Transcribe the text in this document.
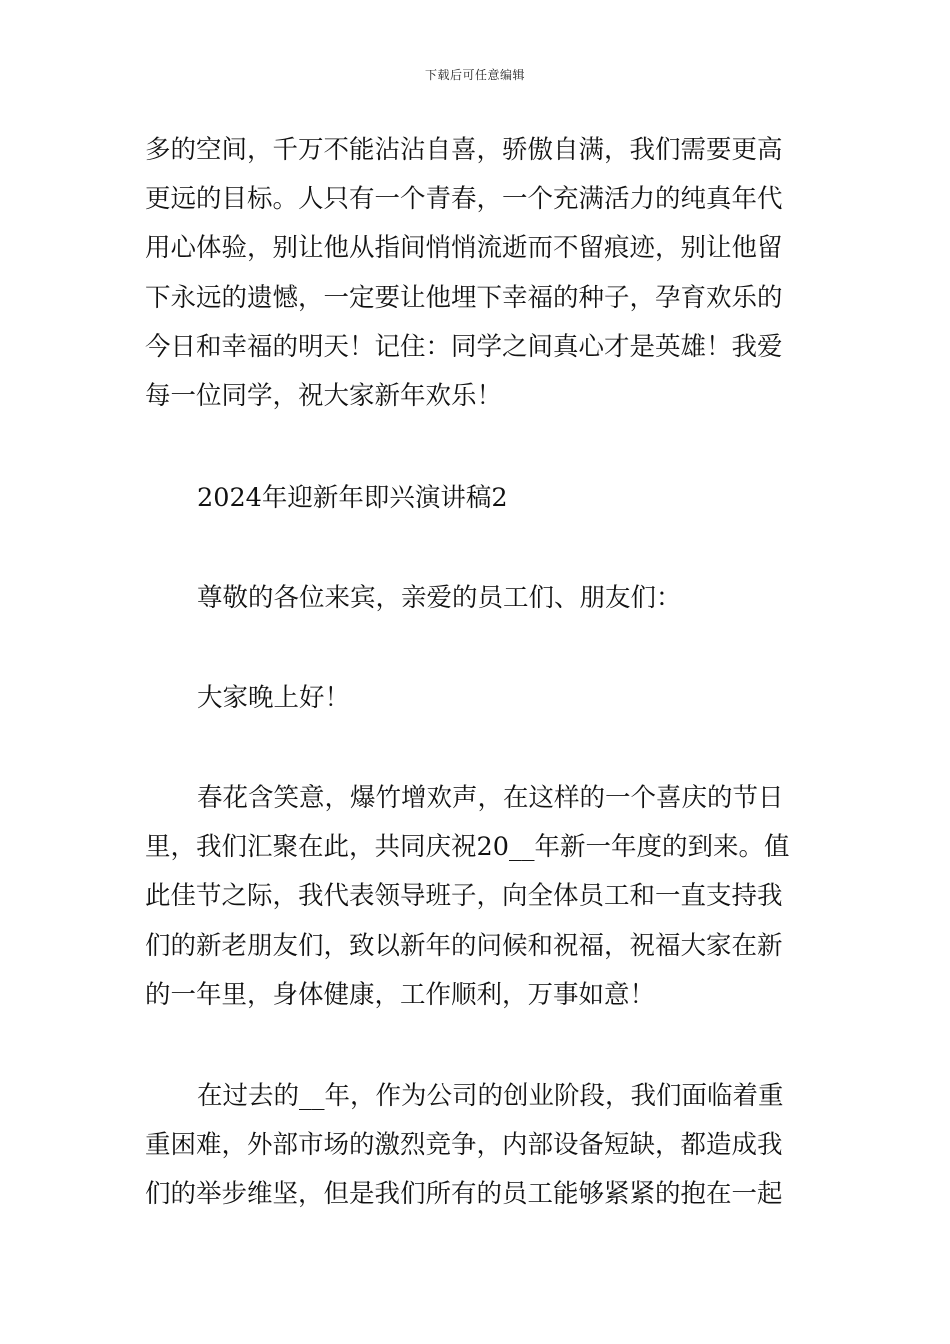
下载后可任意编辑

多的空间，千万不能沾沾自喜，骄傲自满，我们需要更高
更远的目标。人只有一个青春，一个充满活力的纯真年代
用心体验，别让他从指间悄悄流逝而不留痕迹，别让他留
下永远的遗憾，一定要让他埋下幸福的种子，孕育欢乐的
今日和幸福的明天！记住：同学之间真心才是英雄！我爱
每一位同学，祝大家新年欢乐！

2024年迎新年即兴演讲稿2

尊敬的各位来宾，亲爱的员工们、朋友们：

大家晚上好！

春花含笑意，爆竹增欢声，在这样的一个喜庆的节日
里，我们汇聚在此，共同庆祝20__年新一年度的到来。值
此佳节之际，我代表领导班子，向全体员工和一直支持我
们的新老朋友们，致以新年的问候和祝福，祝福大家在新
的一年里，身体健康，工作顺利，万事如意！

在过去的__年，作为公司的创业阶段，我们面临着重
重困难，外部市场的激烈竞争，内部设备短缺，都造成我
们的举步维坚，但是我们所有的员工能够紧紧的抱在一起
